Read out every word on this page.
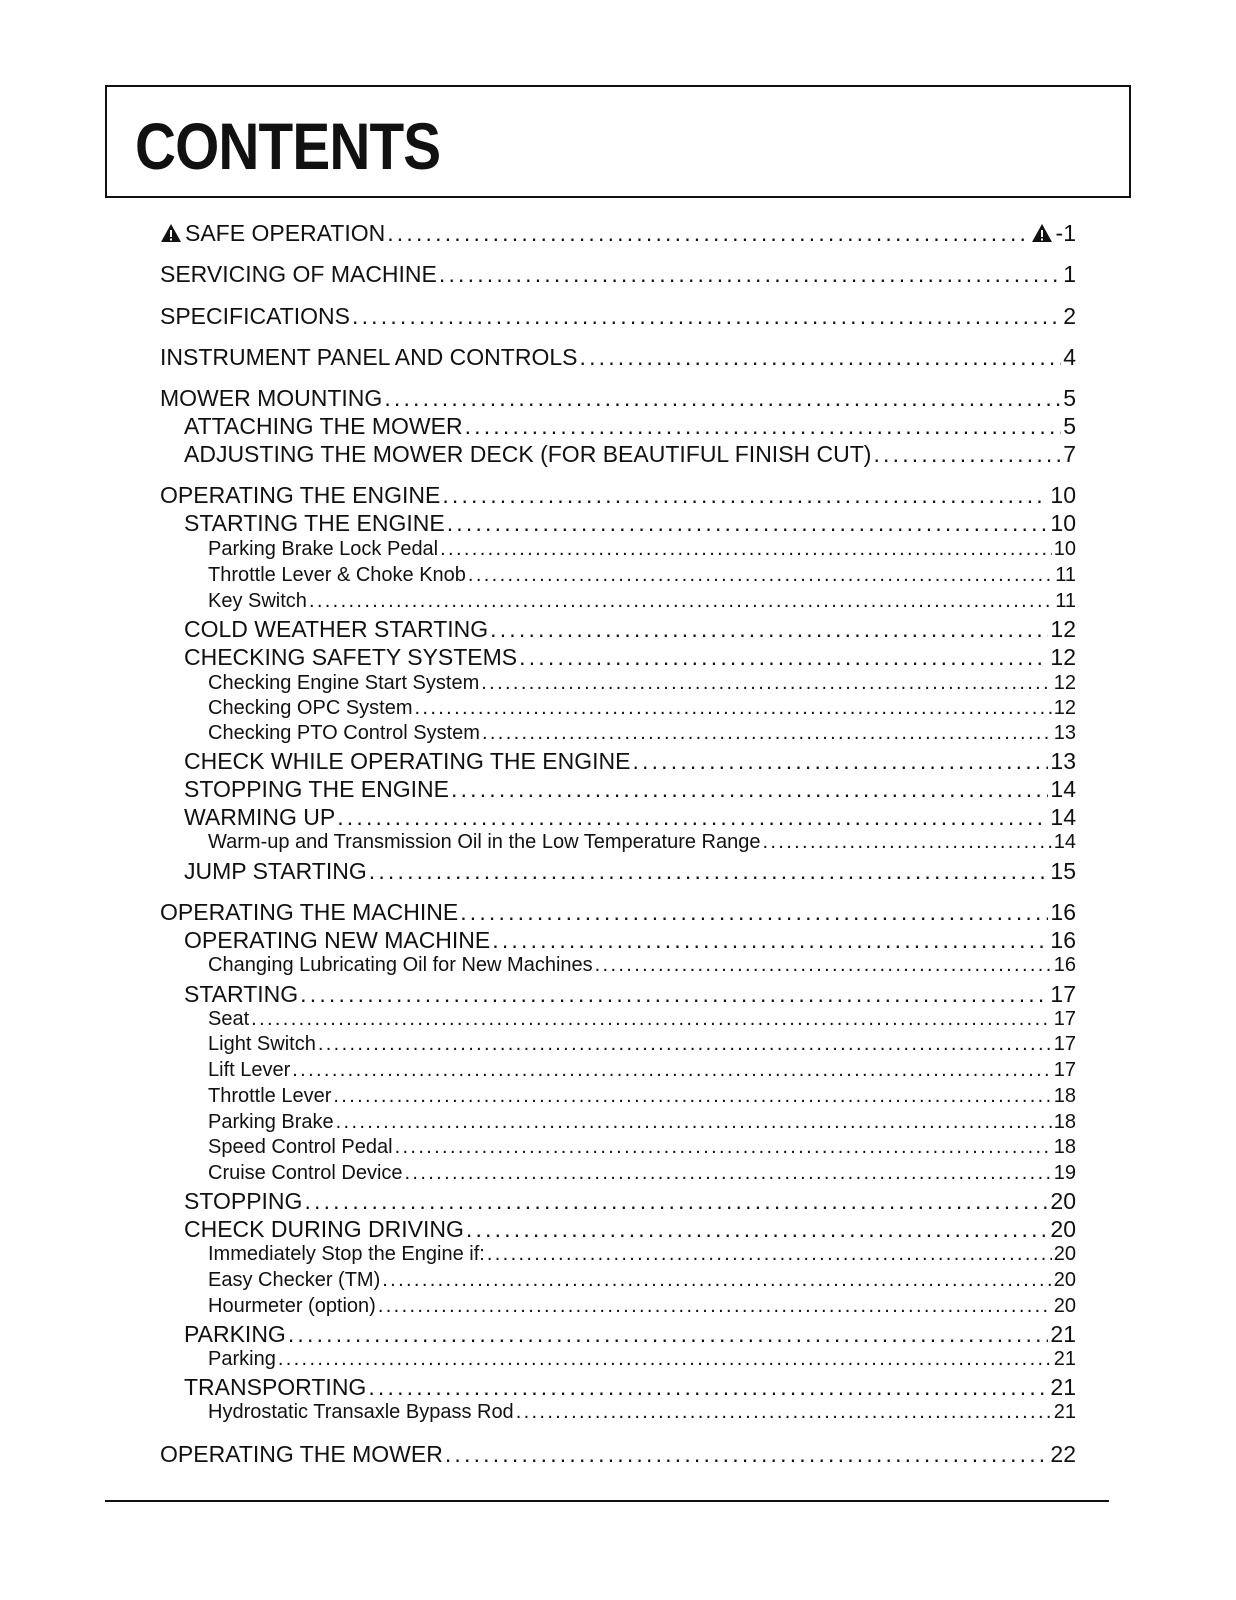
CONTENTS
SAFE OPERATION . . .	-1
SERVICING OF MACHINE . . .	1
SPECIFICATIONS . . .	2
INSTRUMENT PANEL AND CONTROLS . . .	4
MOWER MOUNTING . . .	5
ATTACHING THE MOWER . . .	5
ADJUSTING THE MOWER DECK (FOR BEAUTIFUL FINISH CUT) . . .	7
OPERATING THE ENGINE . . .	10
STARTING THE ENGINE . . .	10
Parking Brake Lock Pedal . . .	10
Throttle Lever & Choke Knob . . .	11
Key Switch . . .	11
COLD WEATHER STARTING . . .	12
CHECKING SAFETY SYSTEMS . . .	12
Checking Engine Start System . . .	12
Checking OPC System . . .	12
Checking PTO Control System . . .	13
CHECK WHILE OPERATING THE ENGINE . . .	13
STOPPING THE ENGINE . . .	14
WARMING UP . . .	14
Warm-up and Transmission Oil in the Low Temperature Range . . .	14
JUMP STARTING . . .	15
OPERATING THE MACHINE . . .	16
OPERATING NEW MACHINE . . .	16
Changing Lubricating Oil for New Machines . . .	16
STARTING . . .	17
Seat . . .	17
Light Switch . . .	17
Lift Lever . . .	17
Throttle Lever . . .	18
Parking Brake . . .	18
Speed Control Pedal . . .	18
Cruise Control Device . . .	19
STOPPING . . .	20
CHECK DURING DRIVING . . .	20
Immediately Stop the Engine if: . . .	20
Easy Checker (TM) . . .	20
Hourmeter (option) . . .	20
PARKING . . .	21
Parking . . .	21
TRANSPORTING . . .	21
Hydrostatic Transaxle Bypass Rod . . .	21
OPERATING THE MOWER . . .	22
